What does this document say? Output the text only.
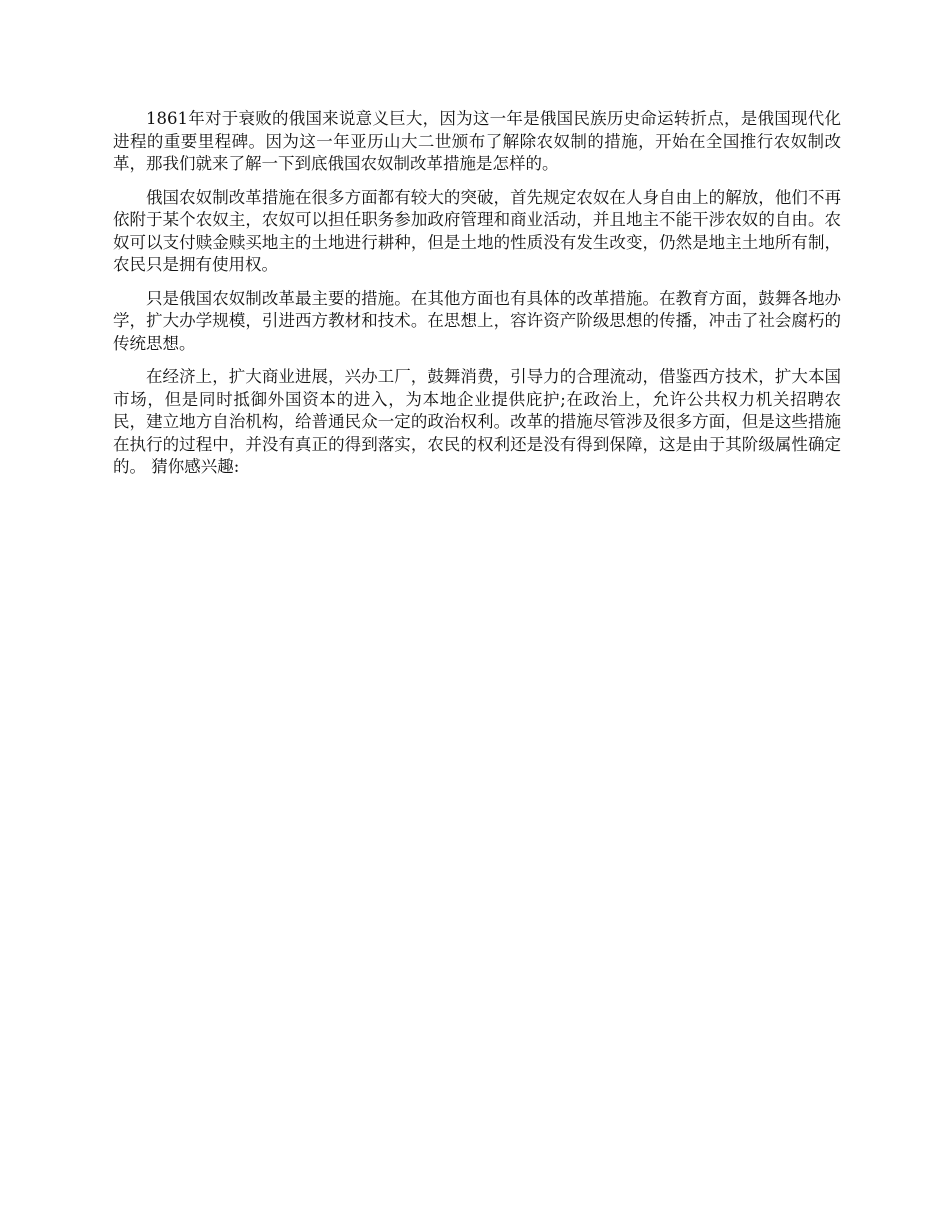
1861年对于衰败的俄国来说意义巨大，因为这一年是俄国民族历史命运转折点，是俄国现代化进程的重要里程碑。因为这一年亚历山大二世颁布了解除农奴制的措施，开始在全国推行农奴制改革，那我们就来了解一下到底俄国农奴制改革措施是怎样的。

俄国农奴制改革措施在很多方面都有较大的突破，首先规定农奴在人身自由上的解放，他们不再依附于某个农奴主，农奴可以担任职务参加政府管理和商业活动，并且地主不能干涉农奴的自由。农奴可以支付赎金赎买地主的土地进行耕种，但是土地的性质没有发生改变，仍然是地主土地所有制，农民只是拥有使用权。

只是俄国农奴制改革最主要的措施。在其他方面也有具体的改革措施。在教育方面，鼓舞各地办学，扩大办学规模，引进西方教材和技术。在思想上，容许资产阶级思想的传播，冲击了社会腐朽的传统思想。

在经济上，扩大商业进展，兴办工厂，鼓舞消费，引导力的合理流动，借鉴西方技术，扩大本国市场，但是同时抵御外国资本的进入，为本地企业提供庇护;在政治上，允许公共权力机关招聘农民，建立地方自治机构，给普通民众一定的政治权利。改革的措施尽管涉及很多方面，但是这些措施在执行的过程中，并没有真正的得到落实，农民的权利还是没有得到保障，这是由于其阶级属性确定的。 猜你感兴趣:
